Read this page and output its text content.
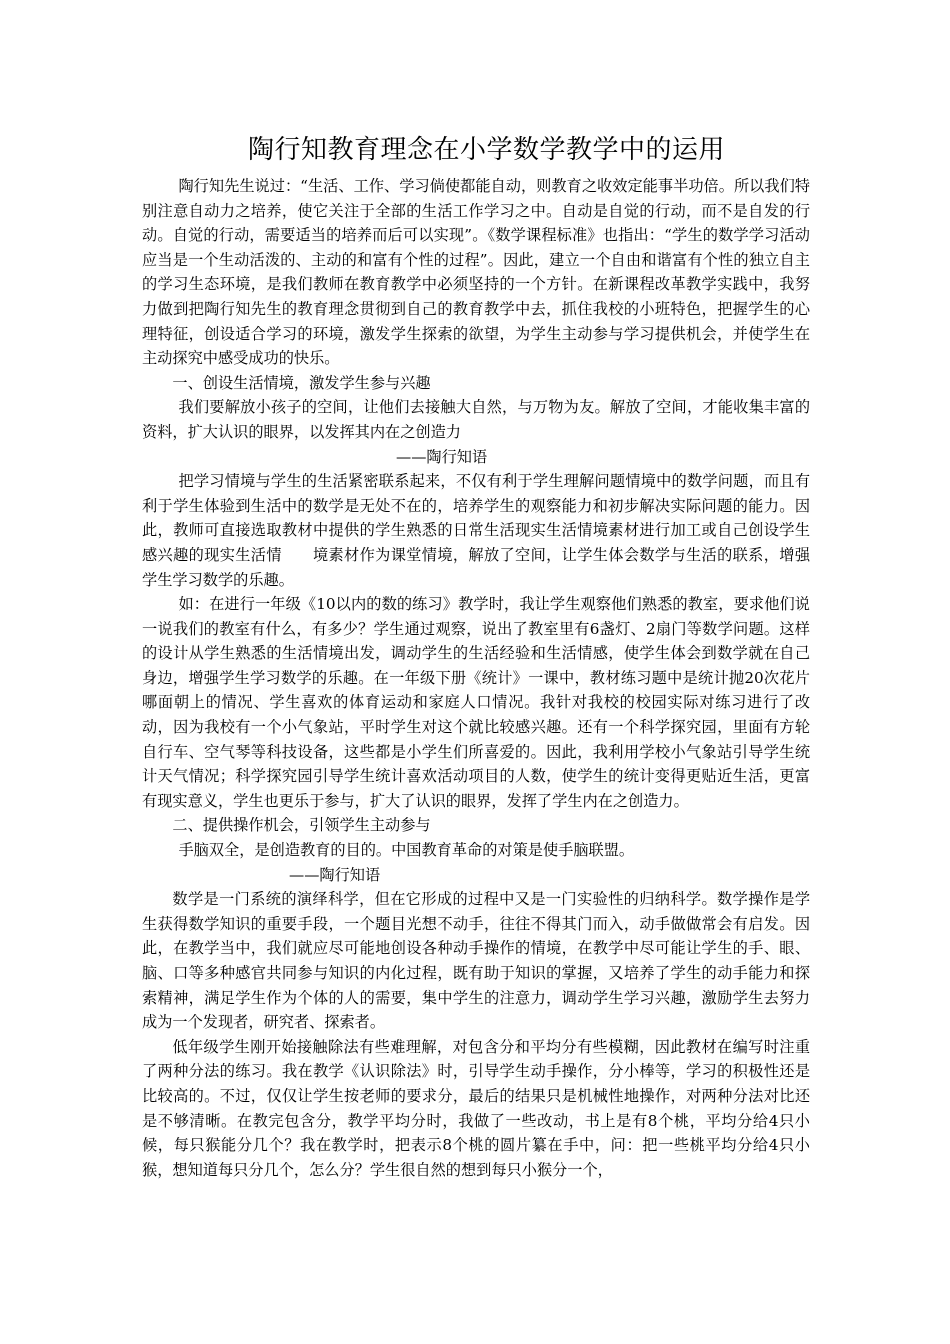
陶行知教育理念在小学数学教学中的运用

陶行知先生说过：“生活、工作、学习倘使都能自动，则教育之收效定能事半功倍。所以我们特别注意自动力之培养，使它关注于全部的生活工作学习之中。自动是自觉的行动，而不是自发的行动。自觉的行动，需要适当的培养而后可以实现”。《数学课程标准》也指出：“学生的数学学习活动应当是一个生动活泼的、主动的和富有个性的过程”。因此，建立一个自由和谐富有个性的独立自主的学习生态环境，是我们教师在教育教学中必须坚持的一个方针。在新课程改革教学实践中，我努力做到把陶行知先生的教育理念贯彻到自己的教育教学中去，抓住我校的小班特色，把握学生的心理特征，创设适合学习的环境，激发学生探索的欲望，为学生主动参与学习提供机会，并使学生在主动探究中感受成功的快乐。

一、创设生活情境，激发学生参与兴趣

我们要解放小孩子的空间，让他们去接触大自然，与万物为友。解放了空间，才能收集丰富的资料，扩大认识的眼界，以发挥其内在之创造力

——陶行知语

把学习情境与学生的生活紧密联系起来，不仅有利于学生理解问题情境中的数学问题，而且有利于学生体验到生活中的数学是无处不在的，培养学生的观察能力和初步解决实际问题的能力。因此，教师可直接选取教材中提供的学生熟悉的日常生活现实生活情境素材进行加工或自己创设学生感兴趣的现实生活情　　境素材作为课堂情境，解放了空间，让学生体会数学与生活的联系，增强学生学习数学的乐趣。

如：在进行一年级《10以内的数的练习》教学时，我让学生观察他们熟悉的教室，要求他们说一说我们的教室有什么，有多少？学生通过观察，说出了教室里有6盏灯、2扇门等数学问题。这样的设计从学生熟悉的生活情境出发，调动学生的生活经验和生活情感，使学生体会到数学就在自己身边，增强学生学习数学的乐趣。在一年级下册《统计》一课中，教材练习题中是统计抛20次花片哪面朝上的情况、学生喜欢的体育运动和家庭人口情况。我针对我校的校园实际对练习进行了改动，因为我校有一个小气象站，平时学生对这个就比较感兴趣。还有一个科学探究园，里面有方轮自行车、空气琴等科技设备，这些都是小学生们所喜爱的。因此，我利用学校小气象站引导学生统计天气情况；科学探究园引导学生统计喜欢活动项目的人数，使学生的统计变得更贴近生活，更富有现实意义，学生也更乐于参与，扩大了认识的眼界，发挥了学生内在之创造力。

二、提供操作机会，引领学生主动参与

手脑双全，是创造教育的目的。中国教育革命的对策是使手脑联盟。

——陶行知语

数学是一门系统的演绎科学，但在它形成的过程中又是一门实验性的归纳科学。数学操作是学生获得数学知识的重要手段，一个题目光想不动手，往往不得其门而入，动手做做常会有启发。因此，在教学当中，我们就应尽可能地创设各种动手操作的情境，在教学中尽可能让学生的手、眼、脑、口等多种感官共同参与知识的内化过程，既有助于知识的掌握，又培养了学生的动手能力和探索精神，满足学生作为个体的人的需要，集中学生的注意力，调动学生学习兴趣，激励学生去努力成为一个发现者，研究者、探索者。

低年级学生刚开始接触除法有些难理解，对包含分和平均分有些模糊，因此教材在编写时注重了两种分法的练习。我在教学《认识除法》时，引导学生动手操作，分小棒等，学习的积极性还是比较高的。不过，仅仅让学生按老师的要求分，最后的结果只是机械性地操作，对两种分法对比还是不够清晰。在教完包含分，教学平均分时，我做了一些改动，书上是有8个桃，平均分给4只小候，每只猴能分几个？我在教学时，把表示8个桃的圆片纂在手中，问：把一些桃平均分给4只小猴，想知道每只分几个，怎么分？学生很自然的想到每只小猴分一个，
